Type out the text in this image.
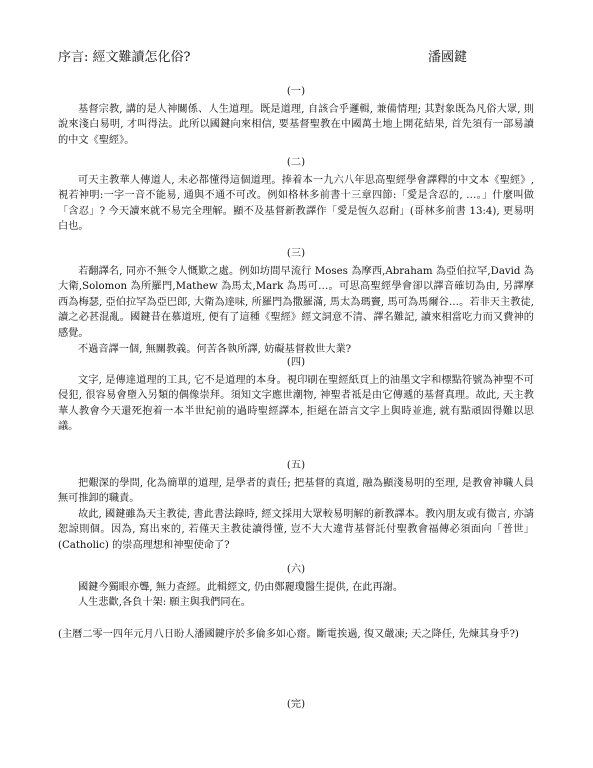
序言: 經文難讀怎化俗?	潘國鍵
(一)

基督宗教, 講的是人神關係、人生道理。既是道理, 自該合乎邏輯, 兼備情理; 其對象既為凡俗大眾, 則說來淺白易明, 才叫得法。此所以國鍵向來相信, 要基督聖教在中國萬土地上開花結果, 首先須有一部易讀的中文《聖經》。

(二)

可天主教華人傳道人, 未必都懂得這個道理。捧着本一九六八年思高聖經學會譯釋的中文本《聖經》, 視若神明:一字一音不能易, 通與不通不可改。例如格林多前書十三章四節:「愛是含忍的, …。」什麼叫做「含忍」? 今天讀來就不易完全理解。顯不及基督新教譯作「愛是恆久忍耐」(哥林多前書 13:4), 更易明白也。

(三)

若翻譯名, 同亦不無令人慨歎之處。例如坊間早流行 Moses 為摩西,Abraham 為亞伯拉罕,David 為大衛,Solomon 為所羅門,Mathew 為馬太,Mark 為馬可…。可思高聖經學會卻以譯音確切為由, 另譯摩西為梅瑟, 亞伯拉罕為亞巴郎, 大衛為達味, 所羅門為撒羅滿, 馬太為瑪竇, 馬可為馬爾谷…。若非天主教徒, 讀之必甚混亂。國鍵昔在慕道班, 便有了這種《聖經》經文詞意不清、譯名難記, 讀來相當吃力而又費神的感覺。

不過音譯一個, 無關教義。何苦各執所譯, 妨礙基督救世大業?

(四)

文字, 是傳達道理的工具, 它不是道理的本身。視印刷在聖經紙頁上的油墨文字和標點符號為神聖不可侵犯, 很容易會墮入另類的偶像崇拜。須知文字應世潮物, 神聖者祗是由它傳遞的基督真理。故此, 天主教華人教會今天還死抱着一本半世紀前的過時聖經譯本, 拒絕在語言文字上與時並進, 就有點頑固得難以思議。

(五)

把艱深的學問, 化為簡單的道理, 是學者的責任; 把基督的真道, 融為顯淺易明的至理, 是教會神職人員無可推卸的職責。

故此, 國鍵雖為天主教徒, 書此書法錄時, 經文採用大眾較易明解的新教譯本。教內朋友或有微言, 亦請恕諒則個。因為, 寫出來的, 若僅天主教徒讀得懂, 豈不大大違背基督託付聖教會福傳必須面向「普世」(Catholic) 的崇高理想和神聖使命了?

(六)

國鍵今獨眼亦聾, 無力查經。此輯經文, 仍由鄭麗瓊醫生提供, 在此再謝。

人生悲歡,各負十架: 願主與我們同在。

(主曆二零一四年元月八日盼人潘國鍵序於多倫多如心齋。斷電挨過, 復又嚴凍; 天之降任, 先煉其身乎?)

(完)
